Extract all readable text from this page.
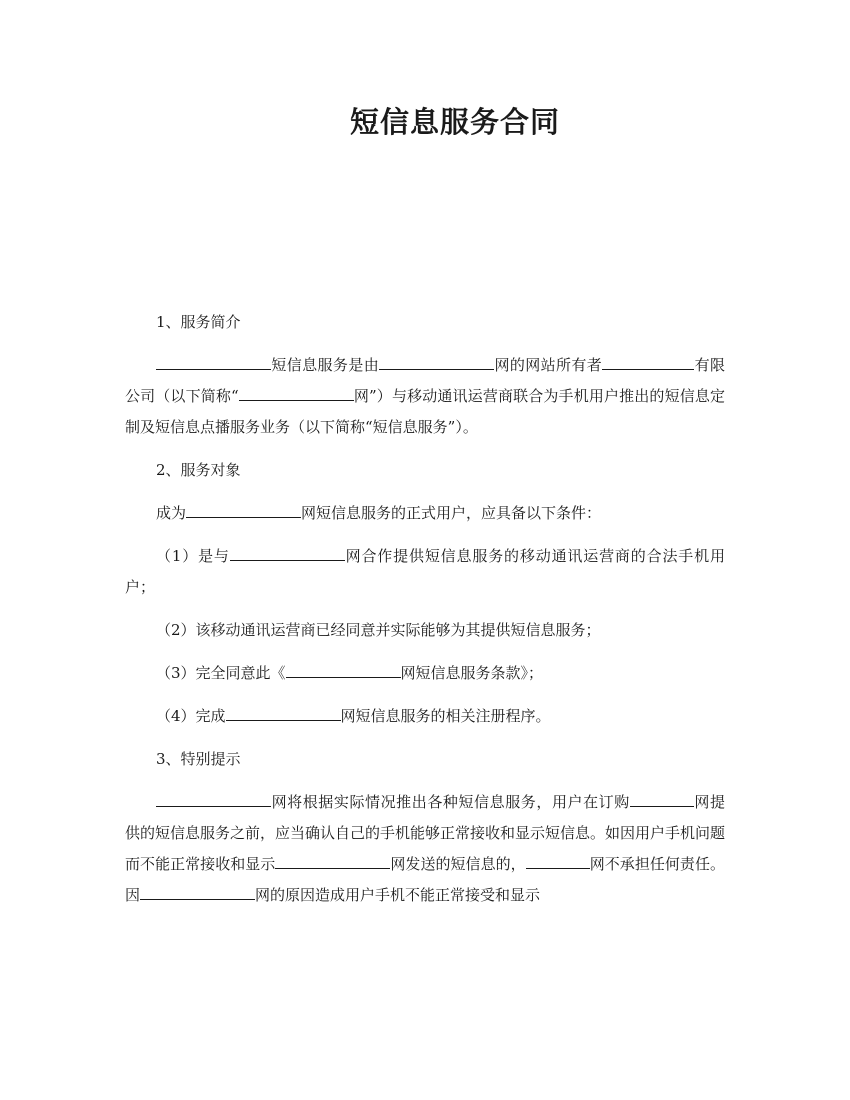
短信息服务合同

1、服务简介

短信息服务是由	网的网站所有者	有限公司（以下简称“	网”）与移动通讯运营商联合为手机用户推出的短信息定制及短信息点播服务业务（以下简称“短信息服务”）。

2、服务对象

成为	网短信息服务的正式用户，应具备以下条件：

（1）是与	网合作提供短信息服务的移动通讯运营商的合法手机用户；

（2）该移动通讯运营商已经同意并实际能够为其提供短信息服务；

（3）完全同意此《	网短信息服务条款》；

（4）完成	网短信息服务的相关注册程序。

3、特别提示

网将根据实际情况推出各种短信息服务，用户在订购	网提供的短信息服务之前，应当确认自己的手机能够正常接收和显示短信息。如因用户手机问题而不能正常接收和显示	网发送的短信息的，	网不承担任何责任。因	网的原因造成用户手机不能正常接受和显示
